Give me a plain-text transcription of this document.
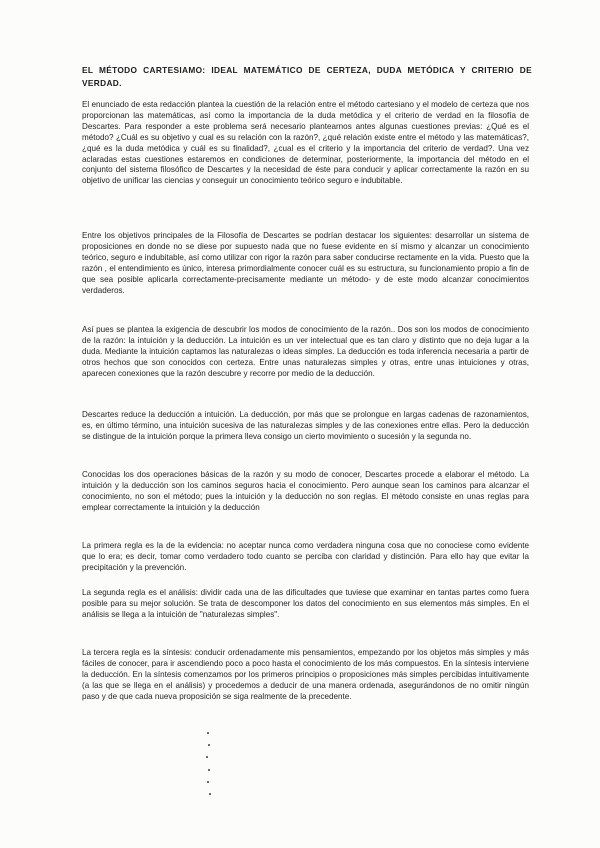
EL MÉTODO CARTESIAMO: IDEAL MATEMÁTICO DE CERTEZA, DUDA METÓDICA Y CRITERIO DE VERDAD.
El enunciado de esta redacción plantea la cuestión de la relación entre el método cartesiano y el modelo de certeza que nos proporcionan las matemáticas, así como la importancia de la duda metódica y el criterio de verdad en la filosofía de Descartes. Para responder a este problema será necesario plantearnos antes algunas cuestiones previas: ¿Qué es el método? ¿Cuál es su objetivo y cual es su relación con la razón?, ¿qué relación existe entre el método y las matemáticas?, ¿qué es la duda metódica y cuál es su finalidad?, ¿cual es el criterio y la importancia del criterio de verdad?. Una vez aclaradas estas cuestiones estaremos en condiciones de determinar, posteriormente, la importancia del método en el conjunto del sistema filosófico de Descartes y la necesidad de éste para conducir y aplicar correctamente la razón en su objetivo de unificar las ciencias y conseguir un conocimiento teórico seguro e indubitable.
Entre los objetivos principales de la Filosofía de Descartes se podrían destacar los siguientes: desarrollar un sistema de proposiciones en donde no se diese por supuesto nada que no fuese evidente en sí mismo y alcanzar un conocimiento teórico, seguro e indubitable, así como utilizar con rigor la razón para saber conducirse rectamente en la vida. Puesto que la razón , el entendimiento es único, interesa primordialmente conocer cuál es su estructura, su funcionamiento propio a fin de que sea posible aplicarla correctamente-precisamente mediante un método- y de este modo alcanzar conocimientos verdaderos.
Así pues se plantea la exigencia de descubrir los modos de conocimiento de la razón.. Dos son los modos de conocimiento de la razón: la intuición y la deducción. La intuición es un ver intelectual que es tan claro y distinto que no deja lugar a la duda. Mediante la intuición captamos las naturalezas o ideas simples. La deducción es toda inferencia necesaria a partir de otros hechos que son conocidos con certeza. Entre unas naturalezas simples y otras, entre unas intuiciones y otras, aparecen conexiones que la razón descubre y recorre por medio de la deducción.
Descartes reduce la deducción a intuición. La deducción, por más que se prolongue en largas cadenas de razonamientos, es, en último término, una intuición sucesiva de las naturalezas simples y de las conexiones entre ellas. Pero la deducción se distingue de la intuición porque la primera lleva consigo un cierto movimiento o sucesión y la segunda no.
Conocidas los dos operaciones básicas de la razón y su modo de conocer, Descartes procede a elaborar el método. La intuición y la deducción son los caminos seguros hacia el conocimiento. Pero aunque sean los caminos para alcanzar el conocimiento, no son el método; pues la intuición y la deducción no son reglas. El método consiste en unas reglas para emplear correctamente la intuición y la deducción
La primera regla es la de la evidencia: no aceptar nunca como verdadera ninguna cosa que no conociese como evidente que lo era; es decir, tomar como verdadero todo cuanto se perciba con claridad y distinción. Para ello hay que evitar la precipitación y la prevención.
La segunda regla es el análisis: dividir cada una de las dificultades que tuviese que examinar en tantas partes como fuera posible para su mejor solución. Se trata de descomponer los datos del conocimiento en sus elementos más simples. En el análisis se llega a la intuición de "naturalezas simples".
La tercera regla es la síntesis: conducir ordenadamente mis pensamientos, empezando por los objetos más simples y más fáciles de conocer, para ir ascendiendo poco a poco hasta el conocimiento de los más compuestos. En la síntesis interviene la deducción. En la síntesis comenzamos por los primeros principios o proposiciones más simples percibidas intuitivamente (a las que se llega en el análisis) y procedemos a deducir de una manera ordenada, asegurándonos de no omitir ningún paso y de que cada nueva proposición se siga realmente de la precedente.
